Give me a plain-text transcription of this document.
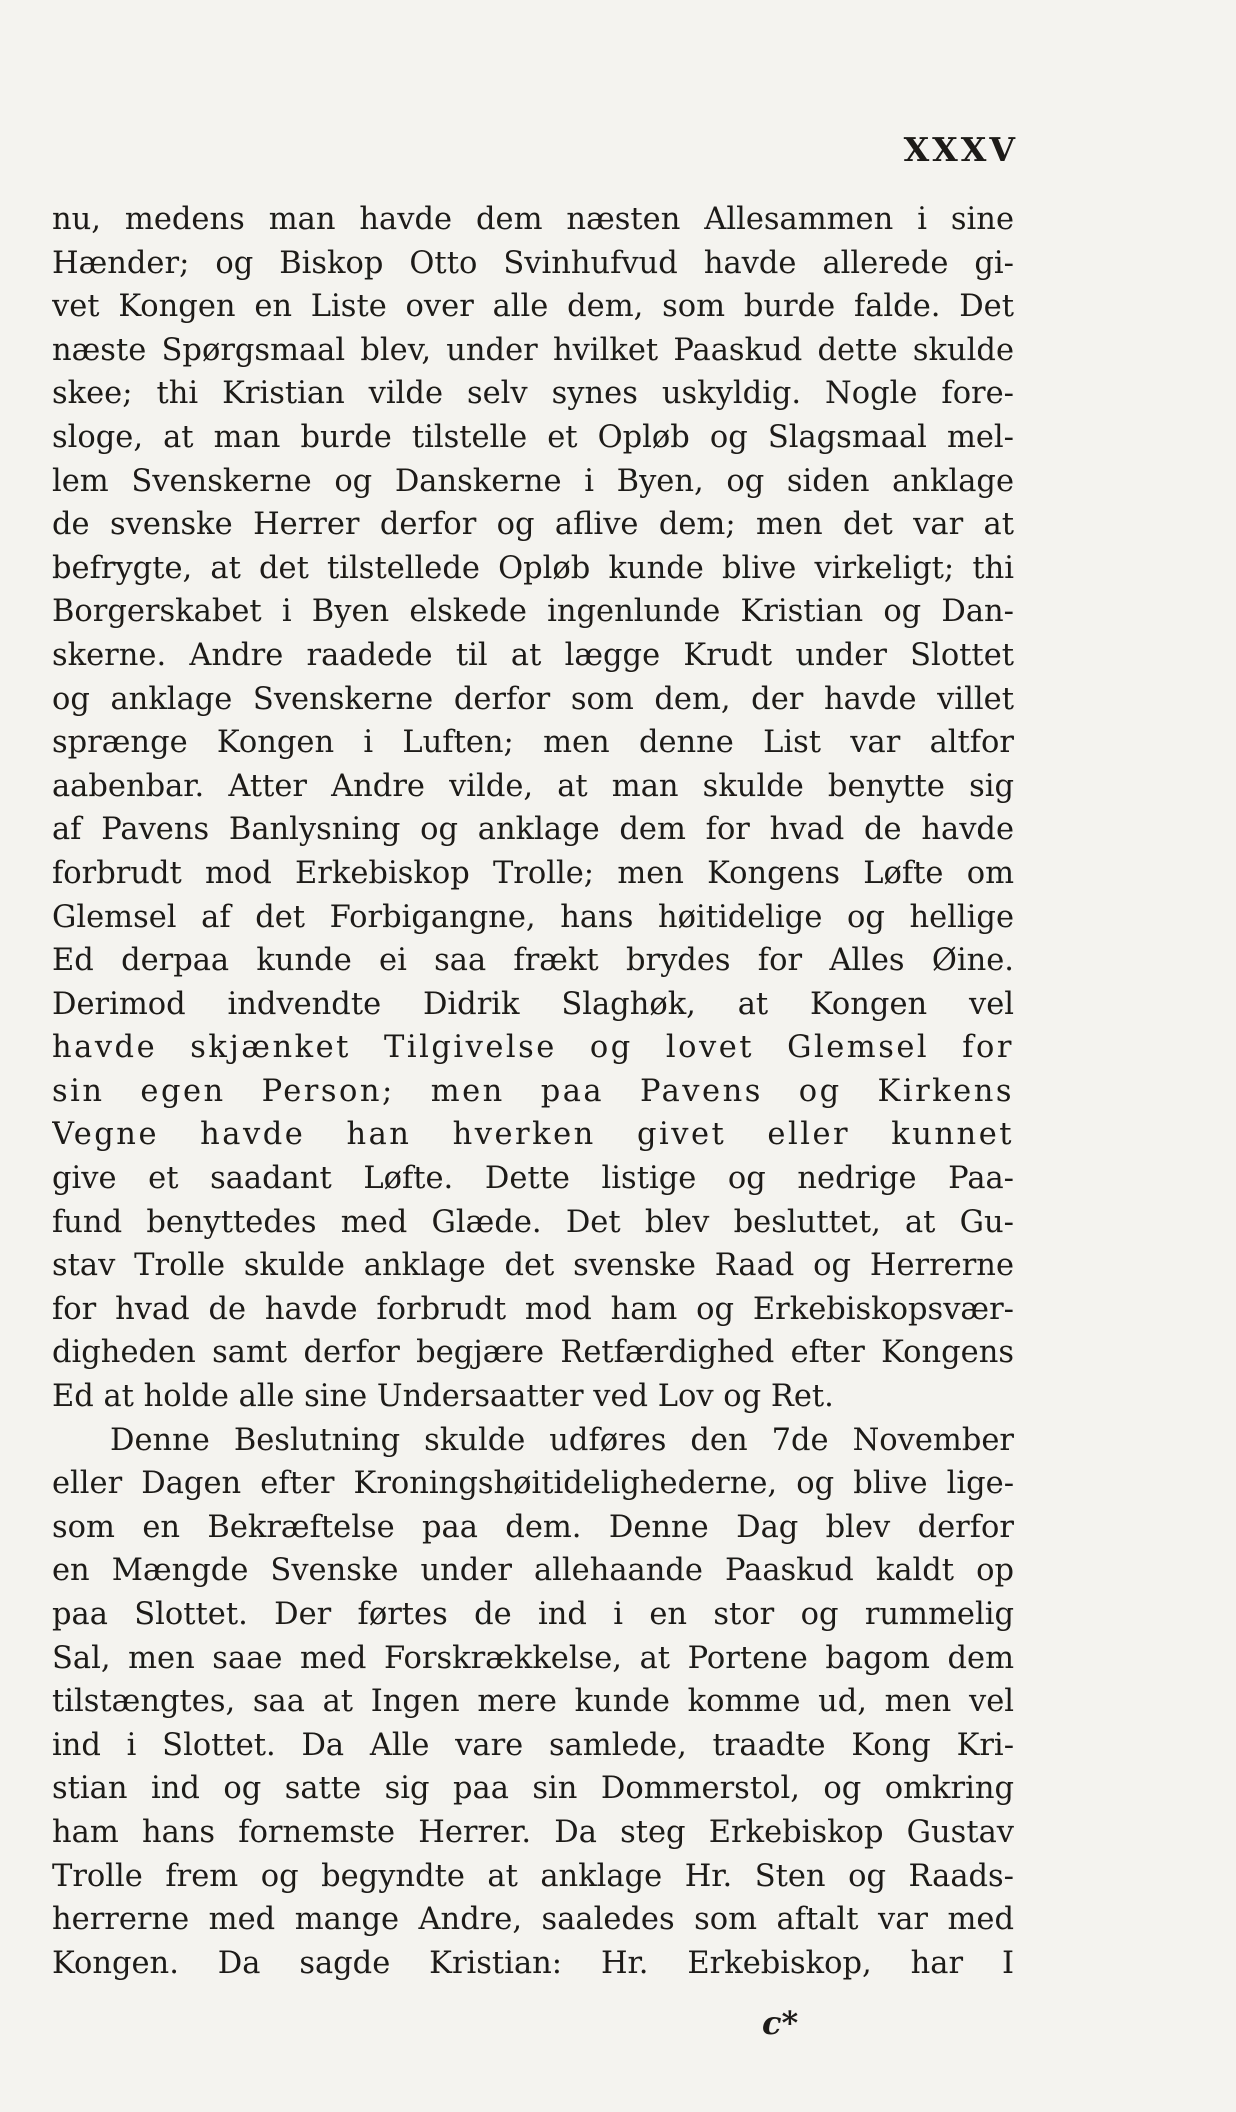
XXXV
nu, medens man havde dem næsten Allesammen i sine
Hænder; og Biskop Otto Svinhufvud havde allerede gi-
vet Kongen en Liste over alle dem, som burde falde. Det
næste Spørgsmaal blev, under hvilket Paaskud dette skulde
skee; thi Kristian vilde selv synes uskyldig. Nogle fore-
sloge, at man burde tilstelle et Opløb og Slagsmaal mel-
lem Svenskerne og Danskerne i Byen, og siden anklage
de svenske Herrer derfor og aflive dem; men det var at
befrygte, at det tilstellede Opløb kunde blive virkeligt; thi
Borgerskabet i Byen elskede ingenlunde Kristian og Dan-
skerne. Andre raadede til at lægge Krudt under Slottet
og anklage Svenskerne derfor som dem, der havde villet
sprænge Kongen i Luften; men denne List var altfor
aabenbar. Atter Andre vilde, at man skulde benytte sig
af Pavens Banlysning og anklage dem for hvad de havde
forbrudt mod Erkebiskop Trolle; men Kongens Løfte om
Glemsel af det Forbigangne, hans høitidelige og hellige
Ed derpaa kunde ei saa frækt brydes for Alles Øine.
Derimod indvendte Didrik Slaghøk, at Kongen vel
havde skjænket Tilgivelse og lovet Glemsel for
sin egen Person; men paa Pavens og Kirkens
Vegne havde han hverken givet eller kunnet
give et saadant Løfte. Dette listige og nedrige Paa-
fund benyttedes med Glæde. Det blev besluttet, at Gu-
stav Trolle skulde anklage det svenske Raad og Herrerne
for hvad de havde forbrudt mod ham og Erkebiskopsvær-
digheden samt derfor begjære Retfærdighed efter Kongens
Ed at holde alle sine Undersaatter ved Lov og Ret.
Denne Beslutning skulde udføres den 7de November
eller Dagen efter Kroningshøitidelighederne, og blive lige-
som en Bekræftelse paa dem. Denne Dag blev derfor
en Mængde Svenske under allehaande Paaskud kaldt op
paa Slottet. Der førtes de ind i en stor og rummelig
Sal, men saae med Forskrækkelse, at Portene bagom dem
tilstængtes, saa at Ingen mere kunde komme ud, men vel
ind i Slottet. Da Alle vare samlede, traadte Kong Kri-
stian ind og satte sig paa sin Dommerstol, og omkring
ham hans fornemste Herrer. Da steg Erkebiskop Gustav
Trolle frem og begyndte at anklage Hr. Sten og Raads-
herrerne med mange Andre, saaledes som aftalt var med
Kongen. Da sagde Kristian: Hr. Erkebiskop, har I
c*
